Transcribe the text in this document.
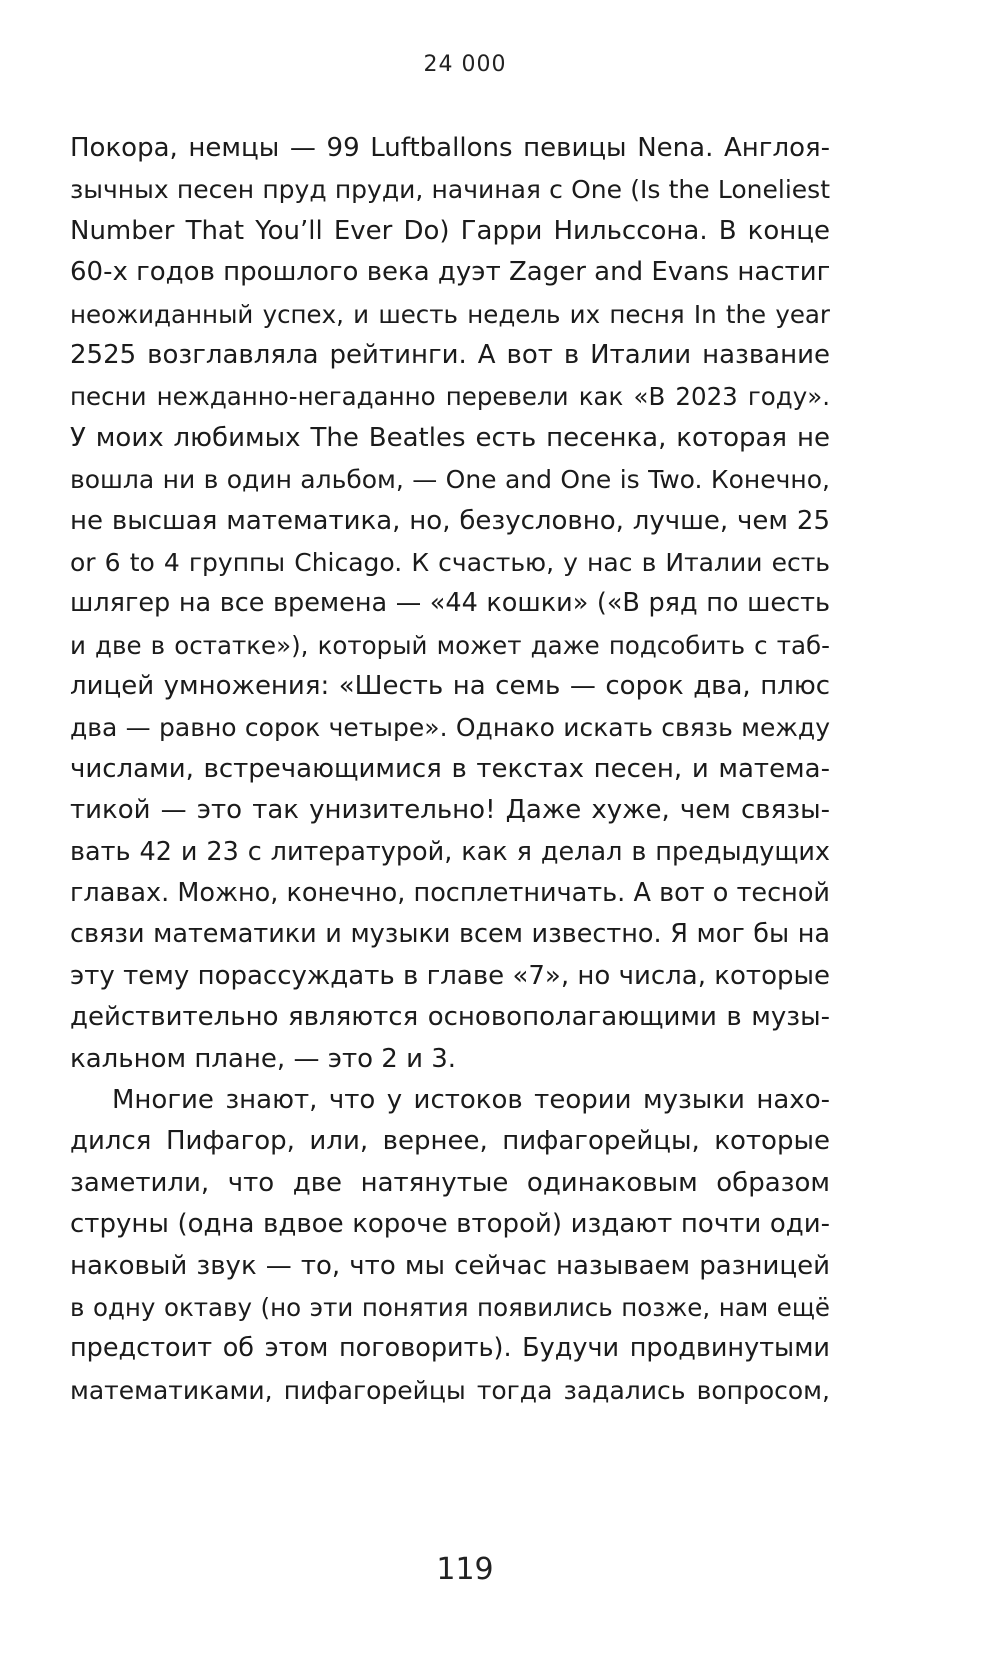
24 000
Покора, немцы — 99 Luftballons певицы Nena. Англоя-
зычных песен пруд пруди, начиная с One (Is the Loneliest
Number That You’ll Ever Do) Гарри Нильссона. В конце
60-х годов прошлого века дуэт Zager and Evans настиг
неожиданный успех, и шесть недель их песня In the year
2525 возглавляла рейтинги. А вот в Италии название
песни нежданно-негаданно перевели как «В 2023 году».
У моих любимых The Beatles есть песенка, которая не
вошла ни в один альбом, — One and One is Two. Конечно,
не высшая математика, но, безусловно, лучше, чем 25
or 6 to 4 группы Chicago. К счастью, у нас в Италии есть
шлягер на все времена — «44 кошки» («В ряд по шесть
и две в остатке»), который может даже подсобить с таб-
лицей умножения: «Шесть на семь — сорок два, плюс
два — равно сорок четыре». Однако искать связь между
числами, встречающимися в текстах песен, и матема-
тикой — это так унизительно! Даже хуже, чем связы-
вать 42 и 23 с литературой, как я делал в предыдущих
главах. Можно, конечно, посплетничать. А вот о тесной
связи математики и музыки всем известно. Я мог бы на
эту тему порассуждать в главе «7», но числа, которые
действительно являются основополагающими в музы-
кальном плане, — это 2 и 3.
Многие знают, что у истоков теории музыки нахо-
дился Пифагор, или, вернее, пифагорейцы, которые
заметили, что две натянутые одинаковым образом
струны (одна вдвое короче второй) издают почти оди-
наковый звук — то, что мы сейчас называем разницей
в одну октаву (но эти понятия появились позже, нам ещё
предстоит об этом поговорить). Будучи продвинутыми
математиками, пифагорейцы тогда задались вопросом,
119
